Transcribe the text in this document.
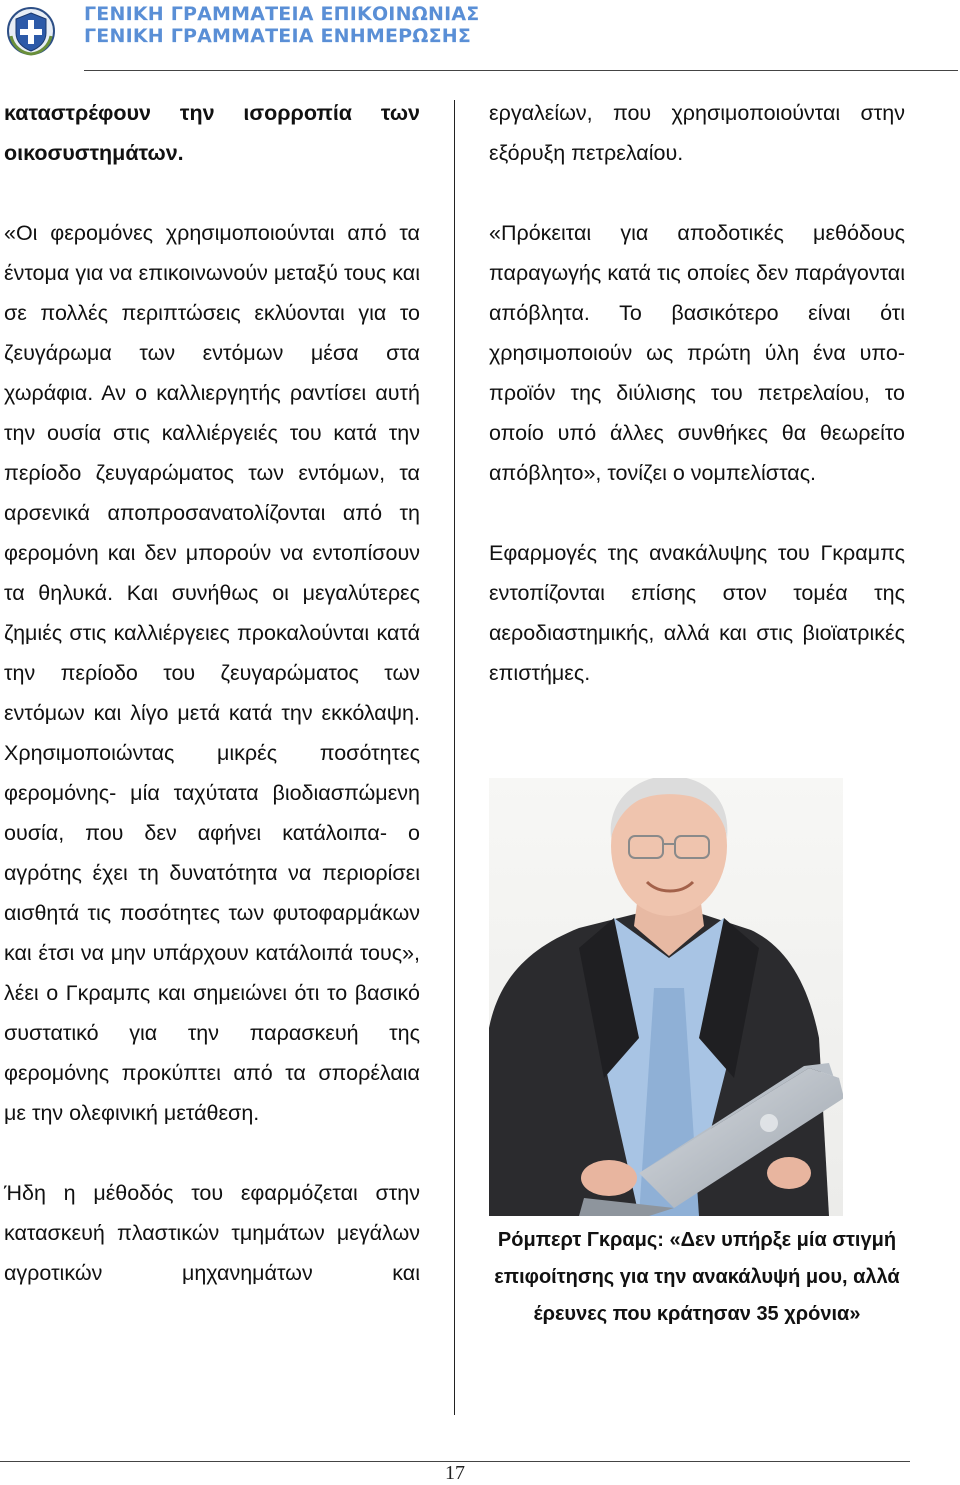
ΓΕΝΙΚΗ ΓΡΑΜΜΑΤΕΙΑ ΕΠΙΚΟΙΝΩΝΙΑΣ
ΓΕΝΙΚΗ ΓΡΑΜΜΑΤΕΙΑ ΕΝΗΜΕΡΩΣΗΣ

καταστρέφουν την ισορροπία των οικοσυστημάτων.

«Οι φερομόνες χρησιμοποιούνται από τα έντομα για να επικοινωνούν μεταξύ τους και σε πολλές περιπτώσεις εκλύονται για το ζευγάρωμα των εντόμων μέσα στα χωράφια. Αν ο καλλιεργητής ραντίσει αυτή την ουσία στις καλλιέργειές του κατά την περίοδο ζευγαρώματος των εντόμων, τα αρσενικά αποπροσανατολίζονται από τη φερομόνη και δεν μπορούν να εντοπίσουν τα θηλυκά. Και συνήθως οι μεγαλύτερες ζημιές στις καλλιέργειες προκαλούνται κατά την περίοδο του ζευγαρώματος των εντόμων και λίγο μετά κατά την εκκόλαψη. Χρησιμοποιώντας μικρές ποσότητες φερομόνης- μία ταχύτατα βιοδιασπώμενη ουσία, που δεν αφήνει κατάλοιπα- ο αγρότης έχει τη δυνατότητα να περιορίσει αισθητά τις ποσότητες των φυτοφαρμάκων και έτσι να μην υπάρχουν κατάλοιπά τους», λέει ο Γκραμπς και σημειώνει ότι το βασικό συστατικό για την παρασκευή της φερομόνης προκύπτει από τα σπορέλαια με την ολεφινική μετάθεση.

Ήδη η μέθοδός του εφαρμόζεται στην κατασκευή πλαστικών τμημάτων μεγάλων αγροτικών μηχανημάτων και

εργαλείων, που χρησιμοποιούνται στην εξόρυξη πετρελαίου.

«Πρόκειται για αποδοτικές μεθόδους παραγωγής κατά τις οποίες δεν παράγονται απόβλητα. Το βασικότερο είναι ότι χρησιμοποιούν ως πρώτη ύλη ένα υπο-προϊόν της διύλισης του πετρελαίου, το οποίο υπό άλλες συνθήκες θα θεωρείτο απόβλητο», τονίζει ο νομπελίστας.

Εφαρμογές της ανακάλυψης του Γκραμπς εντοπίζονται επίσης στον τομέα της αεροδιαστημικής, αλλά και στις βιοϊατρικές επιστήμες.

Ρόμπερτ Γκραμς: «Δεν υπήρξε μία στιγμή επιφοίτησης για την ανακάλυψή μου, αλλά έρευνες που κράτησαν 35 χρόνια»
17
